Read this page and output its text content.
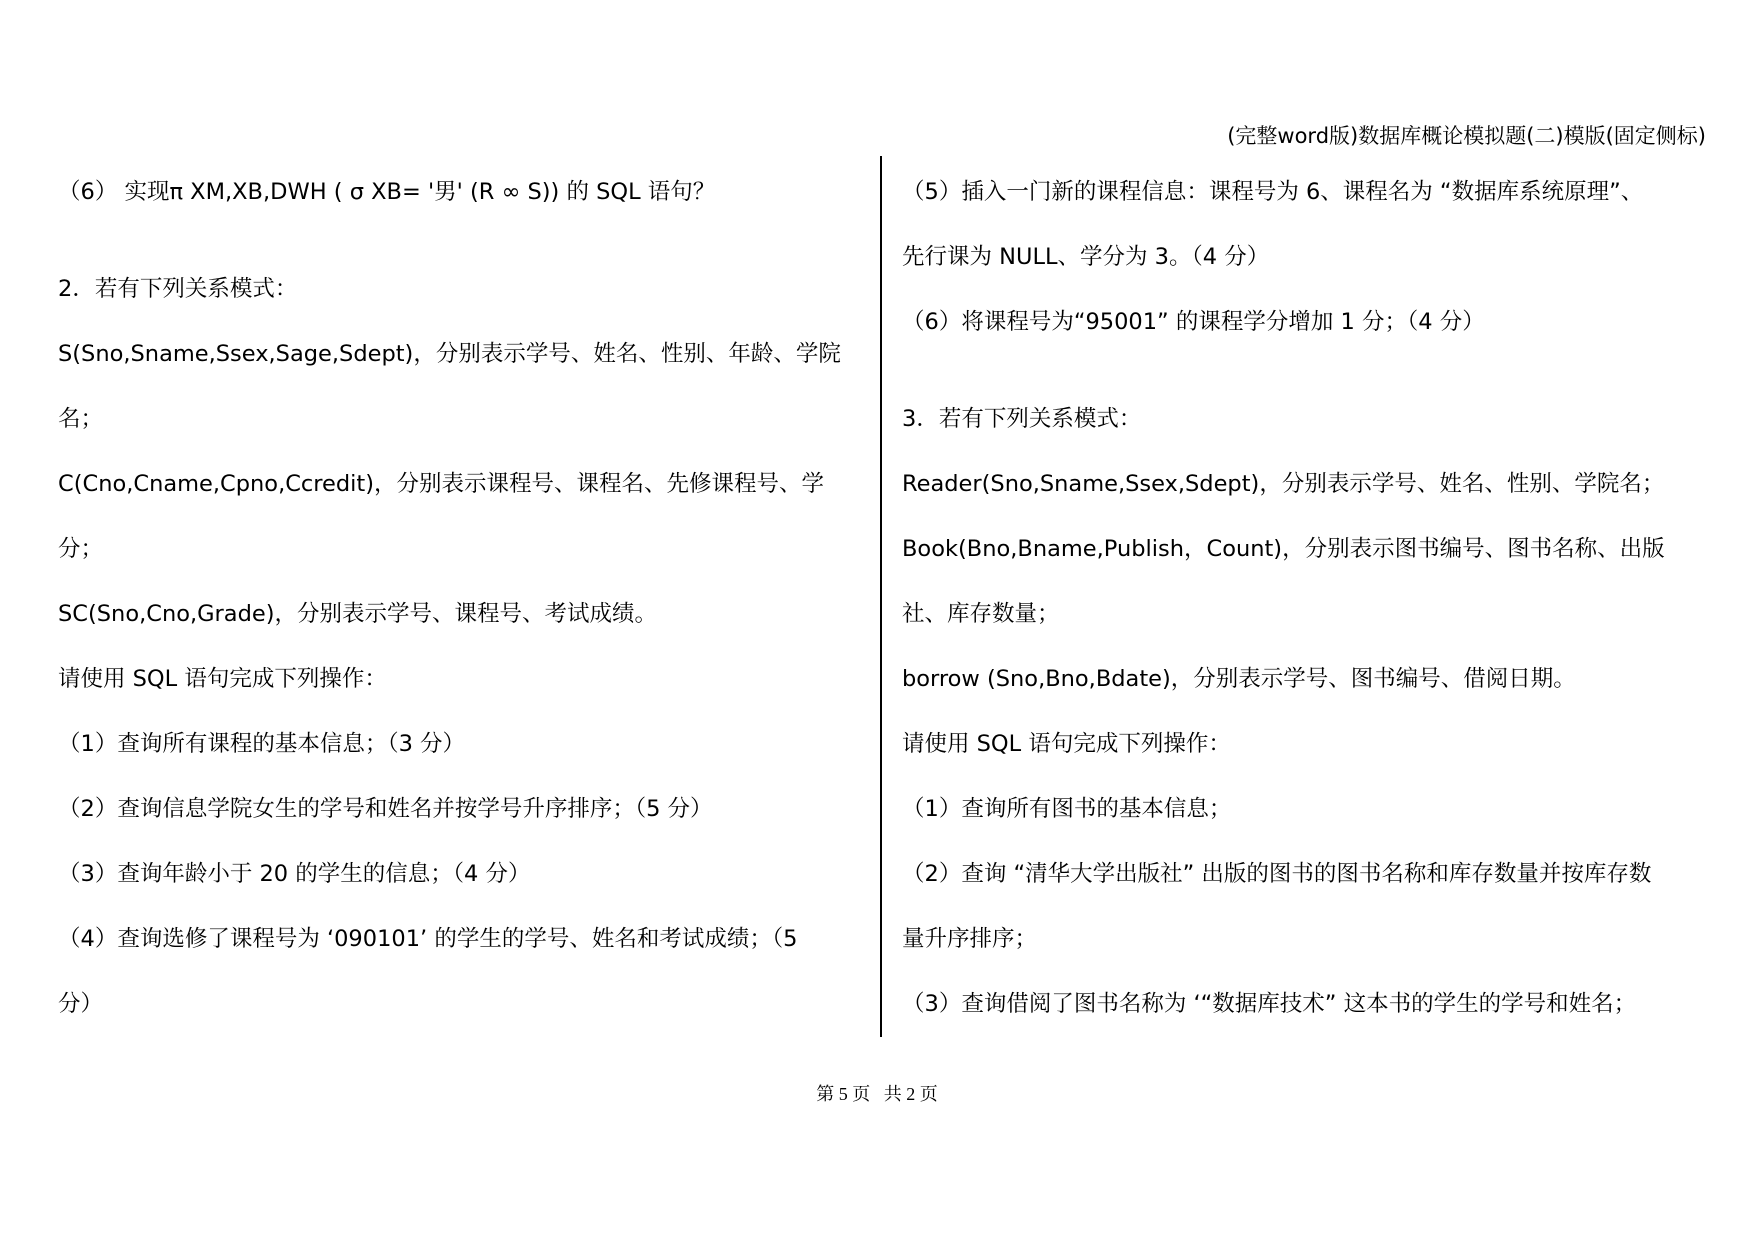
(完整word版)数据库概论模拟题(二)模版(固定侧标)
（6） 实现π XM,XB,DWH ( σ XB= '男' (R ∞ S)) 的 SQL 语句？
2．若有下列关系模式：
S(Sno,Sname,Ssex,Sage,Sdept)，分别表示学号、姓名、性别、年龄、学院
名；
C(Cno,Cname,Cpno,Ccredit)，分别表示课程号、课程名、先修课程号、学
分；
SC(Sno,Cno,Grade)，分别表示学号、课程号、考试成绩。
请使用 SQL 语句完成下列操作：
（1）查询所有课程的基本信息；（3 分）
（2）查询信息学院女生的学号和姓名并按学号升序排序；（5 分）
（3）查询年龄小于 20 的学生的信息；（4 分）
（4）查询选修了课程号为 ‘090101’ 的学生的学号、姓名和考试成绩；（5
分）
（5）插入一门新的课程信息：课程号为 6、课程名为 “数据库系统原理”、
先行课为 NULL、学分为 3。（4 分）
（6）将课程号为“95001” 的课程学分增加 1 分；（4 分）
3．若有下列关系模式：
Reader(Sno,Sname,Ssex,Sdept)，分别表示学号、姓名、性别、学院名；
Book(Bno,Bname,Publish，Count)，分别表示图书编号、图书名称、出版
社、库存数量；
borrow (Sno,Bno,Bdate)，分别表示学号、图书编号、借阅日期。
请使用 SQL 语句完成下列操作：
（1）查询所有图书的基本信息；
（2）查询 “清华大学出版社” 出版的图书的图书名称和库存数量并按库存数
量升序排序；
（3）查询借阅了图书名称为 ‘“数据库技术” 这本书的学生的学号和姓名；
第 5 页   共 2 页
